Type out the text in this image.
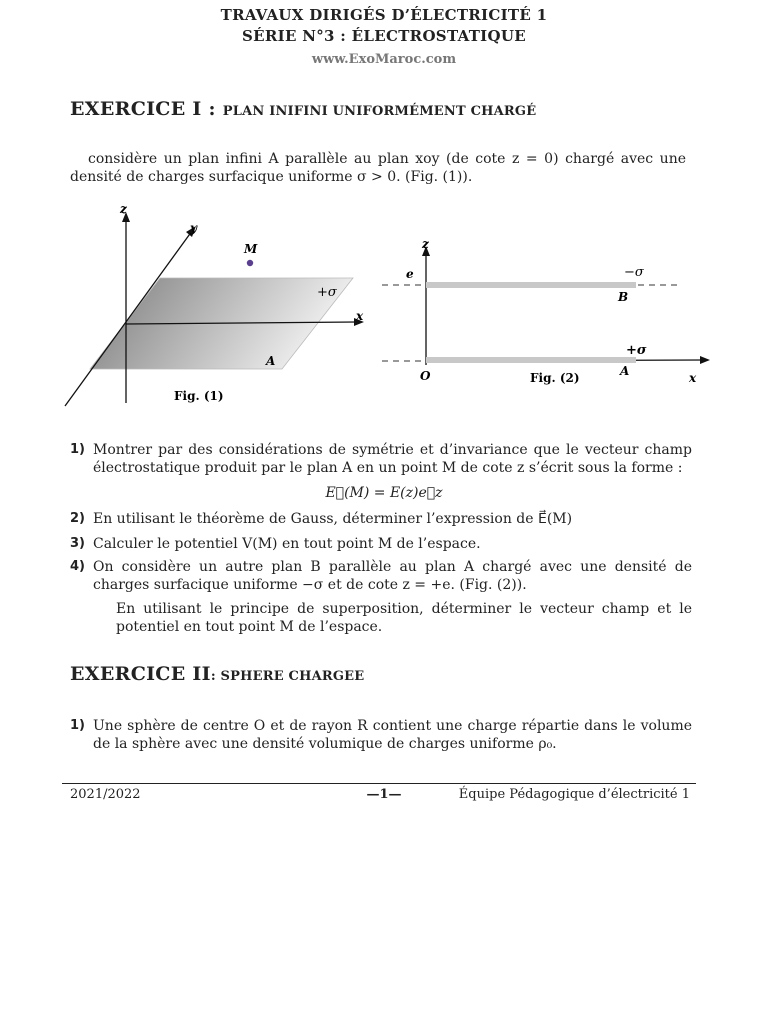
TRAVAUX DIRIGÉS D’ÉLECTRICITÉ 1
SÉRIE N°3 : ÉLECTROSTATIQUE
www.ExoMaroc.com
EXERCICE I : PLAN INIFINI UNIFORMÉMENT CHARGÉ
considère un plan infini A parallèle au plan xoy (de cote z = 0) chargé avec une densité de charges surfacique uniforme σ > 0. (Fig. (1)).
z
y
x
M
+σ
A
Fig. (1)
z
e	−σ
B
+σ
O	Fig. (2)	A	x
1) Montrer par des considérations de symétrie et d’invariance que le vecteur champ électrostatique produit par le plan A en un point M de cote z s’écrit sous la forme :
E⃗(M) = E(z)e⃗z
2) En utilisant le théorème de Gauss, déterminer l’expression de E⃗(M)
3) Calculer le potentiel V(M) en tout point M de l’espace.
4) On considère un autre plan B parallèle au plan A chargé avec une densité de charges surfacique uniforme −σ et de cote z = +e. (Fig. (2)).
En utilisant le principe de superposition, déterminer le vecteur champ et le potentiel en tout point M de l’espace.
EXERCICE II: SPHERE CHARGEE
1) Une sphère de centre O et de rayon R contient une charge répartie dans le volume de la sphère avec une densité volumique de charges uniforme ρ₀.
2021/2022	—1—	Équipe Pédagogique d’électricité 1
